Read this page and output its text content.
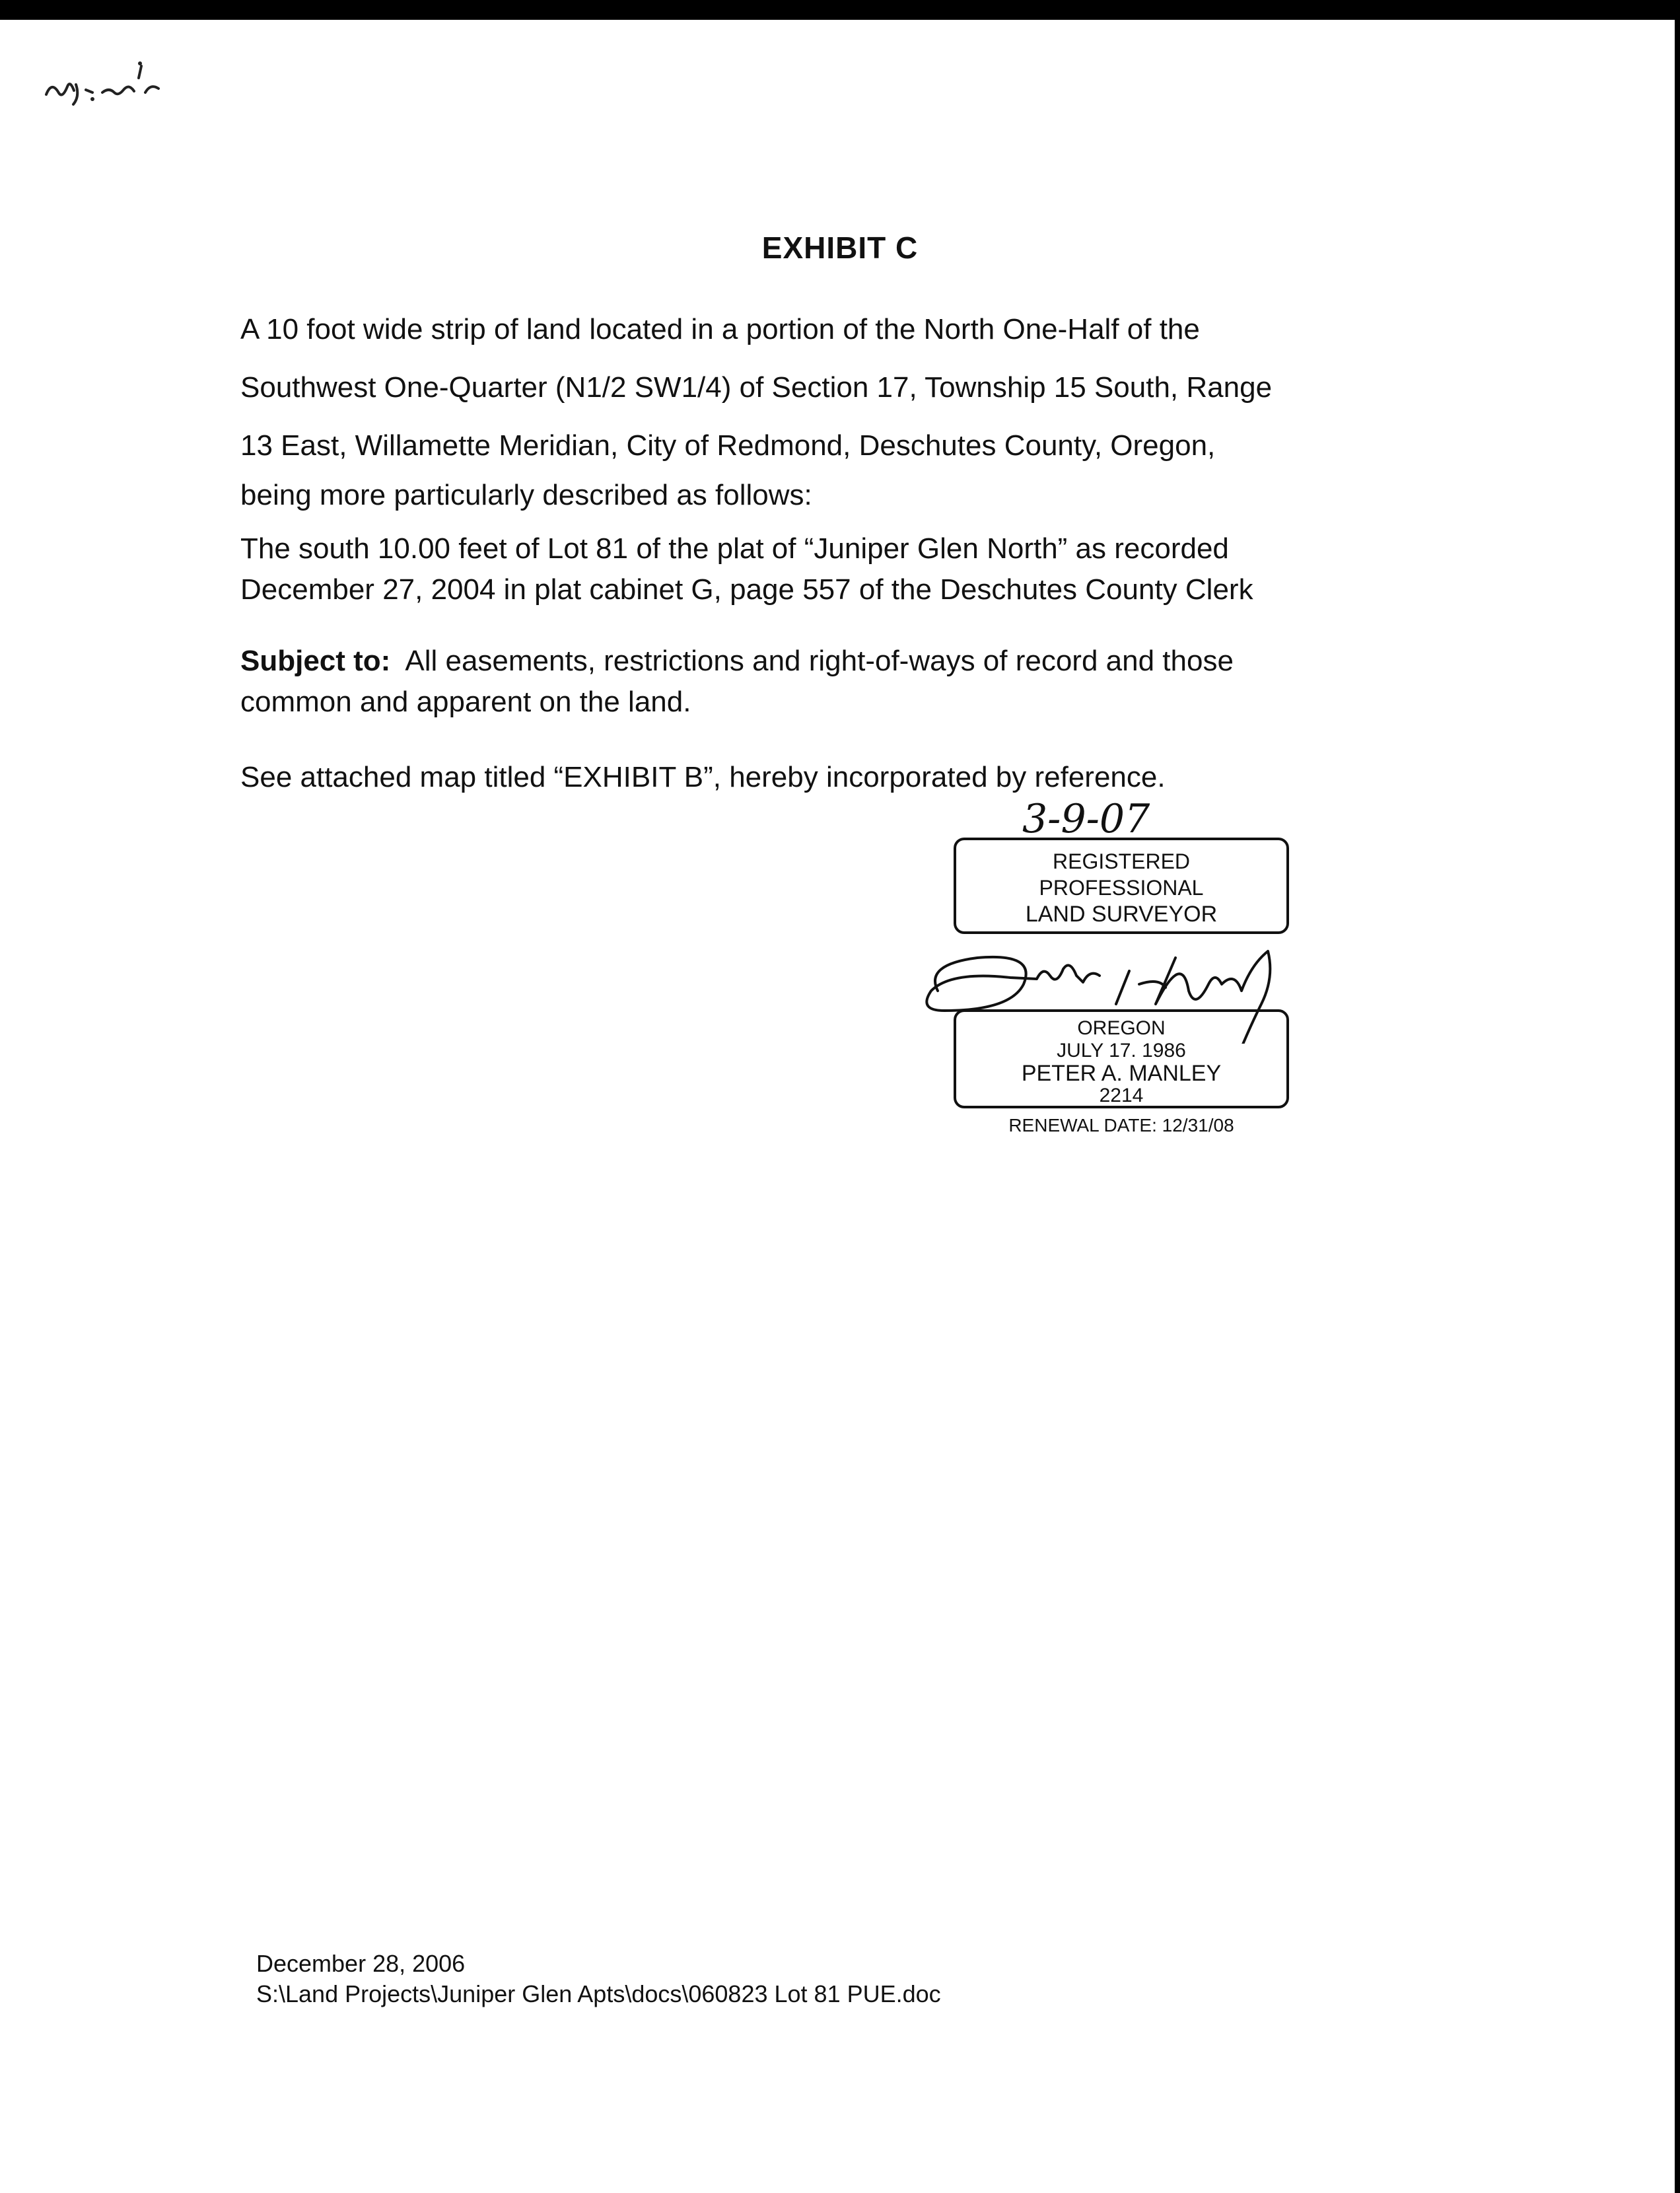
EXHIBIT C
A 10 foot wide strip of land located in a portion of the North One-Half of the
Southwest One-Quarter (N1/2 SW1/4) of Section 17, Township 15 South, Range
13 East, Willamette Meridian, City of Redmond, Deschutes County, Oregon,
being more particularly described as follows:
The south 10.00 feet of Lot 81 of the plat of “Juniper Glen North” as recorded
December 27, 2004 in plat cabinet G, page 557 of the Deschutes County Clerk
Subject to:  All easements, restrictions and right-of-ways of record and those
common and apparent on the land.
See attached map titled “EXHIBIT B”, hereby incorporated by reference.
3-9-07
REGISTERED
PROFESSIONAL
LAND SURVEYOR
OREGON
JULY 17. 1986
PETER A. MANLEY
2214
RENEWAL DATE: 12/31/08
December 28, 2006
S:\Land Projects\Juniper Glen Apts\docs\060823 Lot 81 PUE.doc
